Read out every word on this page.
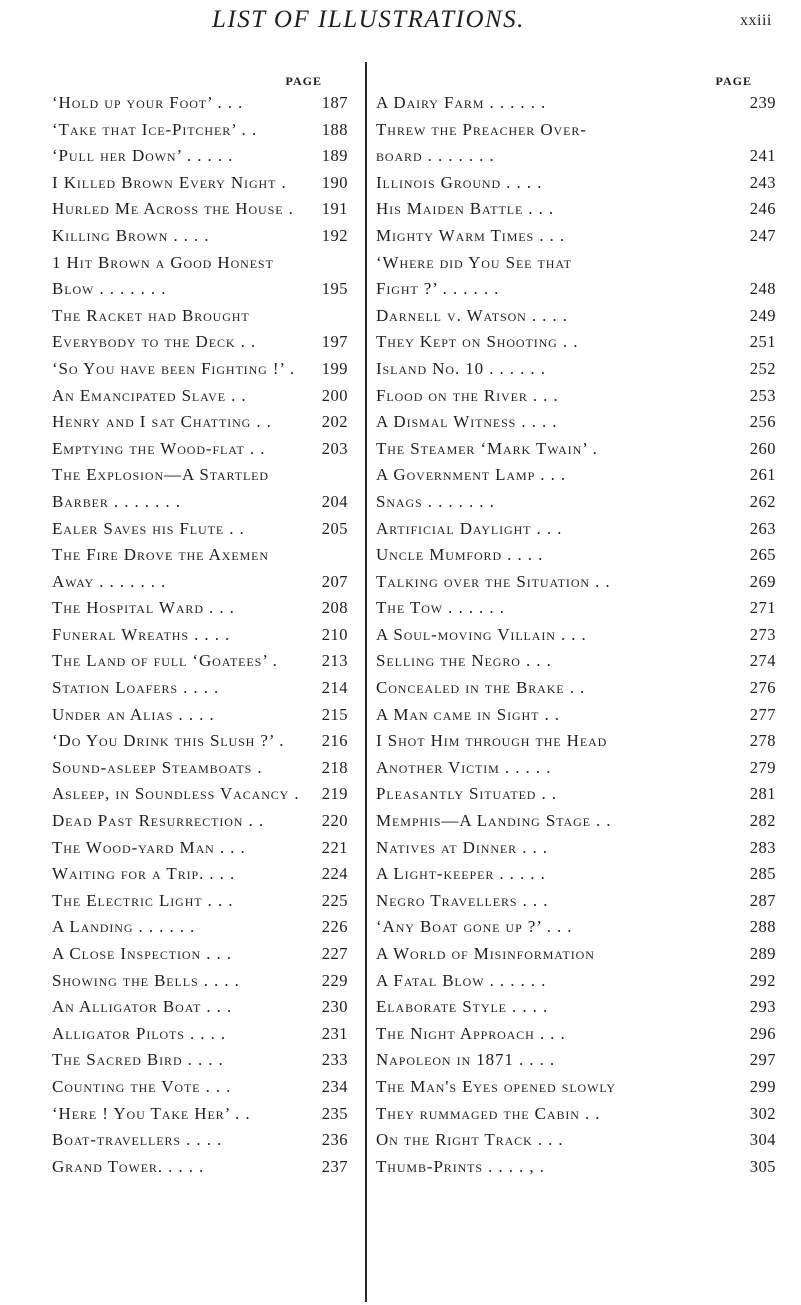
LIST OF ILLUSTRATIONS.	xxiii
PAGE
‘Hold up your Foot’ . . .	187
‘Take that Ice-Pitcher’ . .	188
‘Pull her Down’ . . . . .	189
I Killed Brown Every Night . 190
Hurled Me Across the House . 191
Killing Brown . . . .	192
1 Hit Brown a Good Honest
Blow . . . . . . .	195
The Racket had Brought
Everybody to the Deck . .	197
‘So You have been Fighting !’ . 199
An Emancipated Slave . .	200
Henry and I sat Chatting . .	202
Emptying the Wood-flat . .	203
The Explosion—A Startled
Barber . . . . . . .	204
Ealer Saves his Flute . .	205
The Fire Drove the Axemen
Away . . . . . . .	207
The Hospital Ward . . .	208
Funeral Wreaths . . . .	210
The Land of full ‘Goatees’ .	213
Station Loafers . . . .	214
Under an Alias . . . .	215
‘Do You Drink this Slush ?’ . 216
Sound-asleep Steamboats .	218
Asleep, in Soundless Vacancy . 219
Dead Past Resurrection . .	220
The Wood-yard Man . . .	221
Waiting for a Trip. . . .	224
The Electric Light . . .	225
A Landing . . . . . .	226
A Close Inspection . . .	227
Showing the Bells . . . .	229
An Alligator Boat . . .	230
Alligator Pilots . . . .	231
The Sacred Bird . . . .	233
Counting the Vote . . .	234
‘Here ! You Take Her’ . .	235
Boat-travellers . . . .	236
Grand Tower. . . . .	237
PAGE
A Dairy Farm . . . . . .	239
Threw the Preacher Over-
board . . . . . . .	241
Illinois Ground . . . .	243
His Maiden Battle . . .	246
Mighty Warm Times . . .	247
‘Where did You See that
Fight ?’ . . . . . .	248
Darnell v. Watson . . . .	249
They Kept on Shooting . .	251
Island No. 10 . . . . . .	252
Flood on the River . . .	253
A Dismal Witness . . . .	256
The Steamer ‘Mark Twain’ .	260
A Government Lamp . . .	261
Snags . . . . . . .	262
Artificial Daylight . . .	263
Uncle Mumford . . . .	265
Talking over the Situation . .	269
The Tow . . . . . .	271
A Soul-moving Villain . . .	273
Selling the Negro . . .	274
Concealed in the Brake . .	276
A Man came in Sight . .	277
I Shot Him through the Head	278
Another Victim . . . . .	279
Pleasantly Situated . .	281
Memphis—A Landing Stage . .	282
Natives at Dinner . . .	283
A Light-keeper . . . . .	285
Negro Travellers . . .	287
‘Any Boat gone up ?’ . . .	288
A World of Misinformation	289
A Fatal Blow . . . . . .	292
Elaborate Style . . . .	293
The Night Approach . . .	296
Napoleon in 1871 . . . .	297
The Man's Eyes opened slowly	299
They rummaged the Cabin . .	302
On the Right Track . . .	304
Thumb-Prints . . . . , .	305
